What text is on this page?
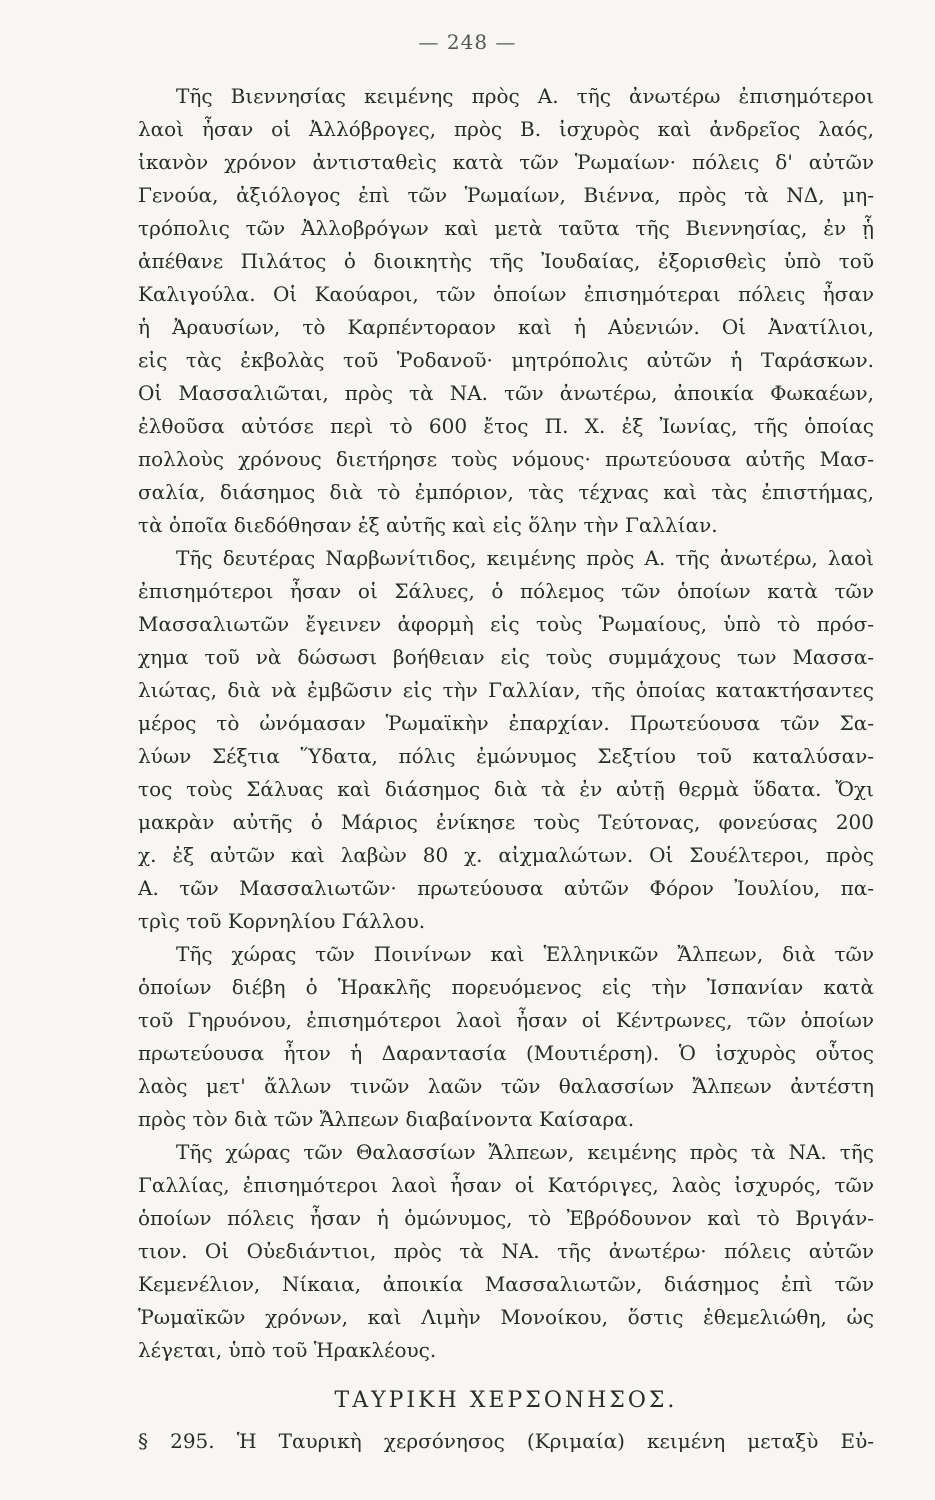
— 248 —
Τῆς Βιεννησίας κειμένης πρὸς Α. τῆς ἀνωτέρω ἐπισημότεροι
λαοὶ ἦσαν οἱ Ἀλλόβρογες, πρὸς Β. ἰσχυρὸς καὶ ἀνδρεῖος λαός,
ἱκανὸν χρόνον ἀντισταθεὶς κατὰ τῶν Ῥωμαίων· πόλεις δ' αὐτῶν
Γενούα, ἀξιόλογος ἐπὶ τῶν Ῥωμαίων, Βιέννα, πρὸς τὰ ΝΔ, μη-
τρόπολις τῶν Ἀλλοβρόγων καὶ μετὰ ταῦτα τῆς Βιεννησίας, ἐν ᾗ
ἀπέθανε Πιλάτος ὁ διοικητὴς τῆς Ἰουδαίας, ἐξορισθεὶς ὑπὸ τοῦ
Καλιγούλα. Οἱ Καούαροι, τῶν ὁποίων ἐπισημότεραι πόλεις ἦσαν
ἡ Ἀραυσίων, τὸ Καρπέντοραον καὶ ἡ Αὐενιών. Οἱ Ἀνατίλιοι,
εἰς τὰς ἐκβολὰς τοῦ Ῥοδανοῦ· μητρόπολις αὐτῶν ἡ Ταράσκων.
Οἱ Μασσαλιῶται, πρὸς τὰ ΝΑ. τῶν ἀνωτέρω, ἀποικία Φωκαέων,
ἐλθοῦσα αὐτόσε περὶ τὸ 600 ἔτος Π. Χ. ἐξ Ἰωνίας, τῆς ὁποίας
πολλοὺς χρόνους διετήρησε τοὺς νόμους· πρωτεύουσα αὐτῆς Μασ-
σαλία, διάσημος διὰ τὸ ἐμπόριον, τὰς τέχνας καὶ τὰς ἐπιστήμας,
τὰ ὁποῖα διεδόθησαν ἐξ αὐτῆς καὶ εἰς ὅλην τὴν Γαλλίαν.
Τῆς δευτέρας Ναρβωνίτιδος, κειμένης πρὸς Α. τῆς ἀνωτέρω, λαοὶ
ἐπισημότεροι ἦσαν οἱ Σάλυες, ὁ πόλεμος τῶν ὁποίων κατὰ τῶν
Μασσαλιωτῶν ἔγεινεν ἀφορμὴ εἰς τοὺς Ῥωμαίους, ὑπὸ τὸ πρόσ-
χημα τοῦ νὰ δώσωσι βοήθειαν εἰς τοὺς συμμάχους των Μασσα-
λιώτας, διὰ νὰ ἐμβῶσιν εἰς τὴν Γαλλίαν, τῆς ὁποίας κατακτήσαντες
μέρος τὸ ὠνόμασαν Ῥωμαϊκὴν ἐπαρχίαν. Πρωτεύουσα τῶν Σα-
λύων Σέξτια Ὕδατα, πόλις ἐμώνυμος Σεξτίου τοῦ καταλύσαν-
τος τοὺς Σάλυας καὶ διάσημος διὰ τὰ ἐν αὐτῇ θερμὰ ὕδατα. Ὄχι
μακρὰν αὐτῆς ὁ Μάριος ἐνίκησε τοὺς Τεύτονας, φονεύσας 200
χ. ἐξ αὐτῶν καὶ λαβὼν 80 χ. αἰχμαλώτων. Οἱ Σουέλτεροι, πρὸς
Α. τῶν Μασσαλιωτῶν· πρωτεύουσα αὐτῶν Φόρον Ἰουλίου, πα-
τρὶς τοῦ Κορνηλίου Γάλλου.
Τῆς χώρας τῶν Ποινίνων καὶ Ἑλληνικῶν Ἄλπεων, διὰ τῶν
ὁποίων διέβη ὁ Ἡρακλῆς πορευόμενος εἰς τὴν Ἰσπανίαν κατὰ
τοῦ Γηρυόνου, ἐπισημότεροι λαοὶ ἦσαν οἱ Κέντρωνες, τῶν ὁποίων
πρωτεύουσα ἦτον ἡ Δαραντασία (Μουτιέρση). Ὁ ἰσχυρὸς οὗτος
λαὸς μετ' ἄλλων τινῶν λαῶν τῶν θαλασσίων Ἄλπεων ἀντέστη
πρὸς τὸν διὰ τῶν Ἄλπεων διαβαίνοντα Καίσαρα.
Τῆς χώρας τῶν Θαλασσίων Ἄλπεων, κειμένης πρὸς τὰ ΝΑ. τῆς
Γαλλίας, ἐπισημότεροι λαοὶ ἦσαν οἱ Κατόριγες, λαὸς ἰσχυρός, τῶν
ὁποίων πόλεις ἦσαν ἡ ὁμώνυμος, τὸ Ἐβρόδουνον καὶ τὸ Βριγάν-
τιον. Οἱ Οὐεδιάντιοι, πρὸς τὰ ΝΑ. τῆς ἀνωτέρω· πόλεις αὐτῶν
Κεμενέλιον, Νίκαια, ἀποικία Μασσαλιωτῶν, διάσημος ἐπὶ τῶν
Ῥωμαϊκῶν χρόνων, καὶ Λιμὴν Μονοίκου, ὅστις ἐθεμελιώθη, ὡς
λέγεται, ὑπὸ τοῦ Ἡρακλέους.
ΤΑΥΡΙΚΗ ΧΕΡΣΟΝΗΣΟΣ.
§ 295. Ἡ Ταυρικὴ χερσόνησος (Κριμαία) κειμένη μεταξὺ Εὐ-
